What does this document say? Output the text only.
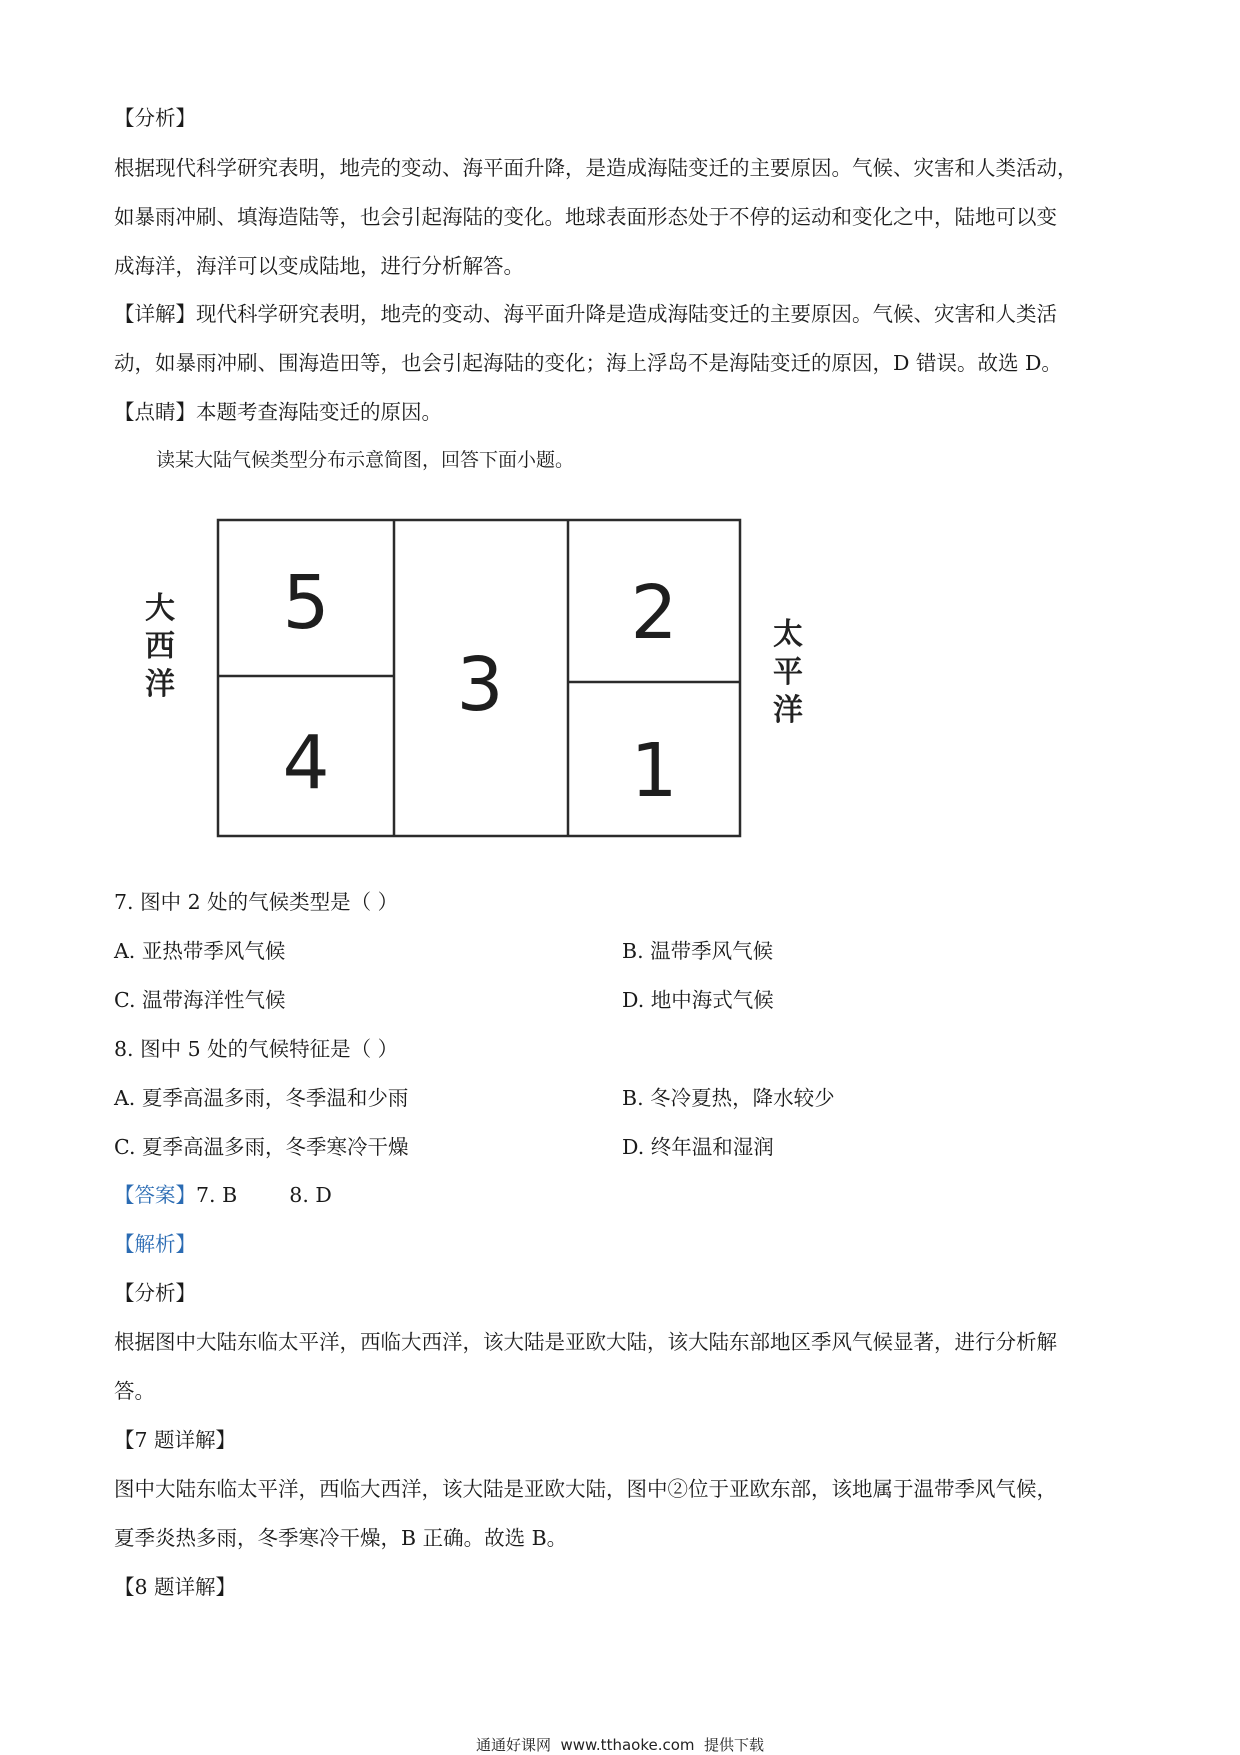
【分析】
根据现代科学研究表明，地壳的变动、海平面升降，是造成海陆变迁的主要原因。气候、灾害和人类活动，
如暴雨冲刷、填海造陆等，也会引起海陆的变化。地球表面形态处于不停的运动和变化之中，陆地可以变
成海洋，海洋可以变成陆地，进行分析解答。
【详解】现代科学研究表明，地壳的变动、海平面升降是造成海陆变迁的主要原因。气候、灾害和人类活
动，如暴雨冲刷、围海造田等，也会引起海陆的变化；海上浮岛不是海陆变迁的原因，D 错误。故选 D。
【点睛】本题考查海陆变迁的原因。
读某大陆气候类型分布示意简图，回答下面小题。
大
西
洋
太
平
洋
5
4
3
2
1
7. 图中 2 处的气候类型是（ ）
A. 亚热带季风气候	B. 温带季风气候
C. 温带海洋性气候	D. 地中海式气候
8. 图中 5 处的气候特征是（ ）
A. 夏季高温多雨，冬季温和少雨	B. 冬冷夏热，降水较少
C. 夏季高温多雨，冬季寒冷干燥	D. 终年温和湿润
【答案】7. B        8. D
【解析】
【分析】
根据图中大陆东临太平洋，西临大西洋，该大陆是亚欧大陆，该大陆东部地区季风气候显著，进行分析解
答。
【7 题详解】
图中大陆东临太平洋，西临大西洋，该大陆是亚欧大陆，图中②位于亚欧东部，该地属于温带季风气候，
夏季炎热多雨，冬季寒冷干燥，B 正确。故选 B。
【8 题详解】
通通好课网  www.tthaoke.com  提供下载
